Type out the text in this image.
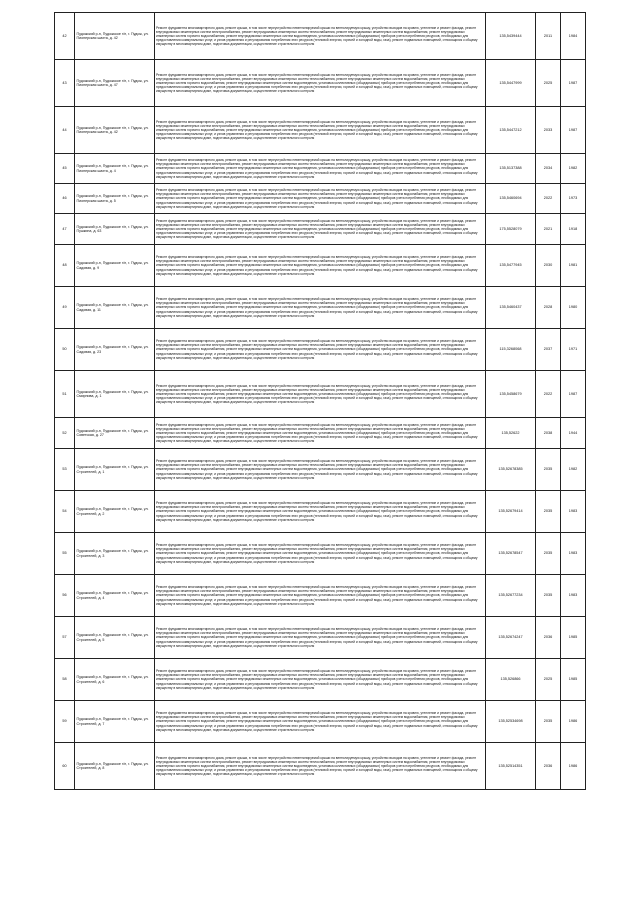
42	Пудожский р-н, Пудожское г/п, г. Пудож, ул. Пионерская шахта, д. 42	Ремонт фундамента многоквартирного дома, ремонт крыши, в том числе переустройство невентилируемой крыши на вентилируемую крышу, устройство выходов на кровлю, утепление и ремонт фасада, ремонт внутридомовых инженерных систем электроснабжения, ремонт внутридомовых инженерных систем теплоснабжения, ремонт внутридомовых инженерных систем водоснабжения, ремонт внутридомовых инженерных систем горячего водоснабжения, ремонт внутридомовых инженерных систем водоотведения, установка коллективных (общедомовых) приборов учета потребления ресурсов, необходимых для предоставления коммунальных услуг, и узлов управления и регулирования потребления этих ресурсов (тепловой энергии, горячей и холодной воды, газа), ремонт подвальных помещений, относящихся к общему имуществу в многоквартирном доме, подготовка документации, осуществление строительного контроля	135,5439444	2011	1984
43	Пудожский р-н, Пудожское г/п, г. Пудож, ул. Пионерская шахта, д. 47	Ремонт фундамента многоквартирного дома, ремонт крыши, в том числе переустройство невентилируемой крыши на вентилируемую крышу, устройство выходов на кровлю, утепление и ремонт фасада, ремонт внутридомовых инженерных систем электроснабжения, ремонт внутридомовых инженерных систем теплоснабжения, ремонт внутридомовых инженерных систем водоснабжения, ремонт внутридомовых инженерных систем горячего водоснабжения, ремонт внутридомовых инженерных систем водоотведения, установка коллективных (общедомовых) приборов учета потребления ресурсов, необходимых для предоставления коммунальных услуг, и узлов управления и регулирования потребления этих ресурсов (тепловой энергии, горячей и холодной воды, газа), ремонт подвальных помещений, относящихся к общему имуществу в многоквартирном доме, подготовка документации, осуществление строительного контроля	135,5447999	2025	1987
44	Пудожский р-н, Пудожское г/п, г. Пудож, ул. Пионерская шахта, д. 42	Ремонт фундамента многоквартирного дома, ремонт крыши, в том числе переустройство невентилируемой крыши на вентилируемую крышу, устройство выходов на кровлю, утепление и ремонт фасада, ремонт внутридомовых инженерных систем электроснабжения, ремонт внутридомовых инженерных систем теплоснабжения, ремонт внутридомовых инженерных систем водоснабжения, ремонт внутридомовых инженерных систем горячего водоснабжения, ремонт внутридомовых инженерных систем водоотведения, установка коллективных (общедомовых) приборов учета потребления ресурсов, необходимых для предоставления коммунальных услуг, и узлов управления и регулирования потребления этих ресурсов (тепловой энергии, горячей и холодной воды, газа), ремонт подвальных помещений, относящихся к общему имуществу в многоквартирном доме, подготовка документации, осуществление строительного контроля	135,5447212	2033	1987
45	Пудожский р-н, Пудожское г/п, г. Пудож, ул. Пионерская шахта, д. 4	Ремонт фундамента многоквартирного дома, ремонт крыши, в том числе переустройство невентилируемой крыши на вентилируемую крышу, устройство выходов на кровлю, утепление и ремонт фасада, ремонт внутридомовых инженерных систем электроснабжения, ремонт внутридомовых инженерных систем теплоснабжения, ремонт внутридомовых инженерных систем водоснабжения, ремонт внутридомовых инженерных систем горячего водоснабжения, ремонт внутридомовых инженерных систем водоотведения, установка коллективных (общедомовых) приборов учета потребления ресурсов, необходимых для предоставления коммунальных услуг, и узлов управления и регулирования потребления этих ресурсов (тепловой энергии, горячей и холодной воды, газа), ремонт подвальных помещений, относящихся к общему имуществу в многоквартирном доме, подготовка документации, осуществление строительного контроля	135,5137388	2034	1982
46	Пудожский р-н, Пудожское г/п, г. Пудож, ул. Пионерская шахта, д. 5	Ремонт фундамента многоквартирного дома, ремонт крыши, в том числе переустройство невентилируемой крыши на вентилируемую крышу, устройство выходов на кровлю, утепление и ремонт фасада, ремонт внутридомовых инженерных систем электроснабжения, ремонт внутридомовых инженерных систем теплоснабжения, ремонт внутридомовых инженерных систем водоснабжения, ремонт внутридомовых инженерных систем горячего водоснабжения, ремонт внутридомовых инженерных систем водоотведения, установка коллективных (общедомовых) приборов учета потребления ресурсов, необходимых для предоставления коммунальных услуг, и узлов управления и регулирования потребления этих ресурсов (тепловой энергии, горячей и холодной воды, газа), ремонт подвальных помещений, относящихся к общему имуществу в многоквартирном доме, подготовка документации, осуществление строительного контроля	135,5460694	2022	1973
47	Пудожский р-н, Пудожское г/п, г. Пудож, ул. Пушкина, д. 63	Ремонт фундамента многоквартирного дома, ремонт крыши, в том числе переустройство невентилируемой крыши на вентилируемую крышу, устройство выходов на кровлю, утепление и ремонт фасада, ремонт внутридомовых инженерных систем электроснабжения, ремонт внутридомовых инженерных систем теплоснабжения, ремонт внутридомовых инженерных систем водоснабжения, ремонт внутридомовых инженерных систем горячего водоснабжения, ремонт внутридомовых инженерных систем водоотведения, установка коллективных (общедомовых) приборов учета потребления ресурсов, необходимых для предоставления коммунальных услуг, и узлов управления и регулирования потребления этих ресурсов (тепловой энергии, горячей и холодной воды, газа), ремонт подвальных помещений, относящихся к общему имуществу в многоквартирном доме, подготовка документации, осуществление строительного контроля	175,5528079	2021	1918
48	Пудожский р-н, Пудожское г/п, г. Пудож, ул. Садовая, д. 9	Ремонт фундамента многоквартирного дома, ремонт крыши, в том числе переустройство невентилируемой крыши на вентилируемую крышу, устройство выходов на кровлю, утепление и ремонт фасада, ремонт внутридомовых инженерных систем электроснабжения, ремонт внутридомовых инженерных систем теплоснабжения, ремонт внутридомовых инженерных систем водоснабжения, ремонт внутридомовых инженерных систем горячего водоснабжения, ремонт внутридомовых инженерных систем водоотведения, установка коллективных (общедомовых) приборов учета потребления ресурсов, необходимых для предоставления коммунальных услуг, и узлов управления и регулирования потребления этих ресурсов (тепловой энергии, горячей и холодной воды, газа), ремонт подвальных помещений, относящихся к общему имуществу в многоквартирном доме, подготовка документации, осуществление строительного контроля	135,5477945	2030	1981
49	Пудожский р-н, Пудожское г/п, г. Пудож, ул. Садовая, д. 11	Ремонт фундамента многоквартирного дома, ремонт крыши, в том числе переустройство невентилируемой крыши на вентилируемую крышу, устройство выходов на кровлю, утепление и ремонт фасада, ремонт внутридомовых инженерных систем электроснабжения, ремонт внутридомовых инженерных систем теплоснабжения, ремонт внутридомовых инженерных систем водоснабжения, ремонт внутридомовых инженерных систем горячего водоснабжения, ремонт внутридомовых инженерных систем водоотведения, установка коллективных (общедомовых) приборов учета потребления ресурсов, необходимых для предоставления коммунальных услуг, и узлов управления и регулирования потребления этих ресурсов (тепловой энергии, горячей и холодной воды, газа), ремонт подвальных помещений, относящихся к общему имуществу в многоквартирном доме, подготовка документации, осуществление строительного контроля	135,5460437	2028	1980
50	Пудожский р-н, Пудожское г/п, г. Пудож, ул. Садовая, д. 23	Ремонт фундамента многоквартирного дома, ремонт крыши, в том числе переустройство невентилируемой крыши на вентилируемую крышу, устройство выходов на кровлю, утепление и ремонт фасада, ремонт внутридомовых инженерных систем электроснабжения, ремонт внутридомовых инженерных систем теплоснабжения, ремонт внутридомовых инженерных систем водоснабжения, ремонт внутридомовых инженерных систем горячего водоснабжения, ремонт внутридомовых инженерных систем водоотведения, установка коллективных (общедомовых) приборов учета потребления ресурсов, необходимых для предоставления коммунальных услуг, и узлов управления и регулирования потребления этих ресурсов (тепловой энергии, горячей и холодной воды, газа), ремонт подвальных помещений, относящихся к общему имуществу в многоквартирном доме, подготовка документации, осуществление строительного контроля	115,3268068	2037	1971
51	Пудожский р-н, Пудожское г/п, г. Пудож, ул. Смирнова, д. 1	Ремонт фундамента многоквартирного дома, ремонт крыши, в том числе переустройство невентилируемой крыши на вентилируемую крышу, устройство выходов на кровлю, утепление и ремонт фасада, ремонт внутридомовых инженерных систем электроснабжения, ремонт внутридомовых инженерных систем теплоснабжения, ремонт внутридомовых инженерных систем водоснабжения, ремонт внутридомовых инженерных систем горячего водоснабжения, ремонт внутридомовых инженерных систем водоотведения, установка коллективных (общедомовых) приборов учета потребления ресурсов, необходимых для предоставления коммунальных услуг, и узлов управления и регулирования потребления этих ресурсов (тепловой энергии, горячей и холодной воды, газа), ремонт подвальных помещений, относящихся к общему имуществу в многоквартирном доме, подготовка документации, осуществление строительного контроля	135,5458679	2022	1987
52	Пудожский р-н, Пудожское г/п, г. Пудож, ул. Советская, д. 27	Ремонт фундамента многоквартирного дома, ремонт крыши, в том числе переустройство невентилируемой крыши на вентилируемую крышу, устройство выходов на кровлю, утепление и ремонт фасада, ремонт внутридомовых инженерных систем электроснабжения, ремонт внутридомовых инженерных систем теплоснабжения, ремонт внутридомовых инженерных систем водоснабжения, ремонт внутридомовых инженерных систем горячего водоснабжения, ремонт внутридомовых инженерных систем водоотведения, установка коллективных (общедомовых) приборов учета потребления ресурсов, необходимых для предоставления коммунальных услуг, и узлов управления и регулирования потребления этих ресурсов (тепловой энергии, горячей и холодной воды, газа), ремонт подвальных помещений, относящихся к общему имуществу в многоквартирном доме, подготовка документации, осуществление строительного контроля	135,52622	2038	1944
53	Пудожский р-н, Пудожское г/п, г. Пудож, ул. Строителей, д. 1	Ремонт фундамента многоквартирного дома, ремонт крыши, в том числе переустройство невентилируемой крыши на вентилируемую крышу, устройство выходов на кровлю, утепление и ремонт фасада, ремонт внутридомовых инженерных систем электроснабжения, ремонт внутридомовых инженерных систем теплоснабжения, ремонт внутридомовых инженерных систем водоснабжения, ремонт внутридомовых инженерных систем горячего водоснабжения, ремонт внутридомовых инженерных систем водоотведения, установка коллективных (общедомовых) приборов учета потребления ресурсов, необходимых для предоставления коммунальных услуг, и узлов управления и регулирования потребления этих ресурсов (тепловой энергии, горячей и холодной воды, газа), ремонт подвальных помещений, относящихся к общему имуществу в многоквартирном доме, подготовка документации, осуществление строительного контроля	135,52678385	2035	1982
54	Пудожский р-н, Пудожское г/п, г. Пудож, ул. Строителей, д. 2	Ремонт фундамента многоквартирного дома, ремонт крыши, в том числе переустройство невентилируемой крыши на вентилируемую крышу, устройство выходов на кровлю, утепление и ремонт фасада, ремонт внутридомовых инженерных систем электроснабжения, ремонт внутридомовых инженерных систем теплоснабжения, ремонт внутридомовых инженерных систем водоснабжения, ремонт внутридомовых инженерных систем горячего водоснабжения, ремонт внутридомовых инженерных систем водоотведения, установка коллективных (общедомовых) приборов учета потребления ресурсов, необходимых для предоставления коммунальных услуг, и узлов управления и регулирования потребления этих ресурсов (тепловой энергии, горячей и холодной воды, газа), ремонт подвальных помещений, относящихся к общему имуществу в многоквартирном доме, подготовка документации, осуществление строительного контроля	135,52679414	2035	1983
55	Пудожский р-н, Пудожское г/п, г. Пудож, ул. Строителей, д. 3	Ремонт фундамента многоквартирного дома, ремонт крыши, в том числе переустройство невентилируемой крыши на вентилируемую крышу, устройство выходов на кровлю, утепление и ремонт фасада, ремонт внутридомовых инженерных систем электроснабжения, ремонт внутридомовых инженерных систем теплоснабжения, ремонт внутридомовых инженерных систем водоснабжения, ремонт внутридомовых инженерных систем горячего водоснабжения, ремонт внутридомовых инженерных систем водоотведения, установка коллективных (общедомовых) приборов учета потребления ресурсов, необходимых для предоставления коммунальных услуг, и узлов управления и регулирования потребления этих ресурсов (тепловой энергии, горячей и холодной воды, газа), ремонт подвальных помещений, относящихся к общему имуществу в многоквартирном доме, подготовка документации, осуществление строительного контроля	135,52678547	2035	1983
56	Пудожский р-н, Пудожское г/п, г. Пудож, ул. Строителей, д. 4	Ремонт фундамента многоквартирного дома, ремонт крыши, в том числе переустройство невентилируемой крыши на вентилируемую крышу, устройство выходов на кровлю, утепление и ремонт фасада, ремонт внутридомовых инженерных систем электроснабжения, ремонт внутридомовых инженерных систем теплоснабжения, ремонт внутридомовых инженерных систем водоснабжения, ремонт внутридомовых инженерных систем горячего водоснабжения, ремонт внутридомовых инженерных систем водоотведения, установка коллективных (общедомовых) приборов учета потребления ресурсов, необходимых для предоставления коммунальных услуг, и узлов управления и регулирования потребления этих ресурсов (тепловой энергии, горячей и холодной воды, газа), ремонт подвальных помещений, относящихся к общему имуществу в многоквартирном доме, подготовка документации, осуществление строительного контроля	135,52677234	2035	1983
57	Пудожский р-н, Пудожское г/п, г. Пудож, ул. Строителей, д. 5	Ремонт фундамента многоквартирного дома, ремонт крыши, в том числе переустройство невентилируемой крыши на вентилируемую крышу, устройство выходов на кровлю, утепление и ремонт фасада, ремонт внутридомовых инженерных систем электроснабжения, ремонт внутридомовых инженерных систем теплоснабжения, ремонт внутридомовых инженерных систем водоснабжения, ремонт внутридомовых инженерных систем горячего водоснабжения, ремонт внутридомовых инженерных систем водоотведения, установка коллективных (общедомовых) приборов учета потребления ресурсов, необходимых для предоставления коммунальных услуг, и узлов управления и регулирования потребления этих ресурсов (тепловой энергии, горячей и холодной воды, газа), ремонт подвальных помещений, относящихся к общему имуществу в многоквартирном доме, подготовка документации, осуществление строительного контроля	135,52674247	2036	1985
58	Пудожский р-н, Пудожское г/п, г. Пудож, ул. Строителей, д. 6	Ремонт фундамента многоквартирного дома, ремонт крыши, в том числе переустройство невентилируемой крыши на вентилируемую крышу, устройство выходов на кровлю, утепление и ремонт фасада, ремонт внутридомовых инженерных систем электроснабжения, ремонт внутридомовых инженерных систем теплоснабжения, ремонт внутридомовых инженерных систем водоснабжения, ремонт внутридомовых инженерных систем горячего водоснабжения, ремонт внутридомовых инженерных систем водоотведения, установка коллективных (общедомовых) приборов учета потребления ресурсов, необходимых для предоставления коммунальных услуг, и узлов управления и регулирования потребления этих ресурсов (тепловой энергии, горячей и холодной воды, газа), ремонт подвальных помещений, относящихся к общему имуществу в многоквартирном доме, подготовка документации, осуществление строительного контроля	135,526866	2025	1985
59	Пудожский р-н, Пудожское г/п, г. Пудож, ул. Строителей, д. 7	Ремонт фундамента многоквартирного дома, ремонт крыши, в том числе переустройство невентилируемой крыши на вентилируемую крышу, устройство выходов на кровлю, утепление и ремонт фасада, ремонт внутридомовых инженерных систем электроснабжения, ремонт внутридомовых инженерных систем теплоснабжения, ремонт внутридомовых инженерных систем водоснабжения, ремонт внутридомовых инженерных систем горячего водоснабжения, ремонт внутридомовых инженерных систем водоотведения, установка коллективных (общедомовых) приборов учета потребления ресурсов, необходимых для предоставления коммунальных услуг, и узлов управления и регулирования потребления этих ресурсов (тепловой энергии, горячей и холодной воды, газа), ремонт подвальных помещений, относящихся к общему имуществу в многоквартирном доме, подготовка документации, осуществление строительного контроля	135,52534698	2035	1986
60	Пудожский р-н, Пудожское г/п, г. Пудож, ул. Строителей, д. 8	Ремонт фундамента многоквартирного дома, ремонт крыши, в том числе переустройство невентилируемой крыши на вентилируемую крышу, устройство выходов на кровлю, утепление и ремонт фасада, ремонт внутридомовых инженерных систем электроснабжения, ремонт внутридомовых инженерных систем теплоснабжения, ремонт внутридомовых инженерных систем водоснабжения, ремонт внутридомовых инженерных систем горячего водоснабжения, ремонт внутридомовых инженерных систем водоотведения, установка коллективных (общедомовых) приборов учета потребления ресурсов, необходимых для предоставления коммунальных услуг, и узлов управления и регулирования потребления этих ресурсов (тепловой энергии, горячей и холодной воды, газа), ремонт подвальных помещений, относящихся к общему имуществу в многоквартирном доме, подготовка документации, осуществление строительного контроля	135,52514351	2036	1986
